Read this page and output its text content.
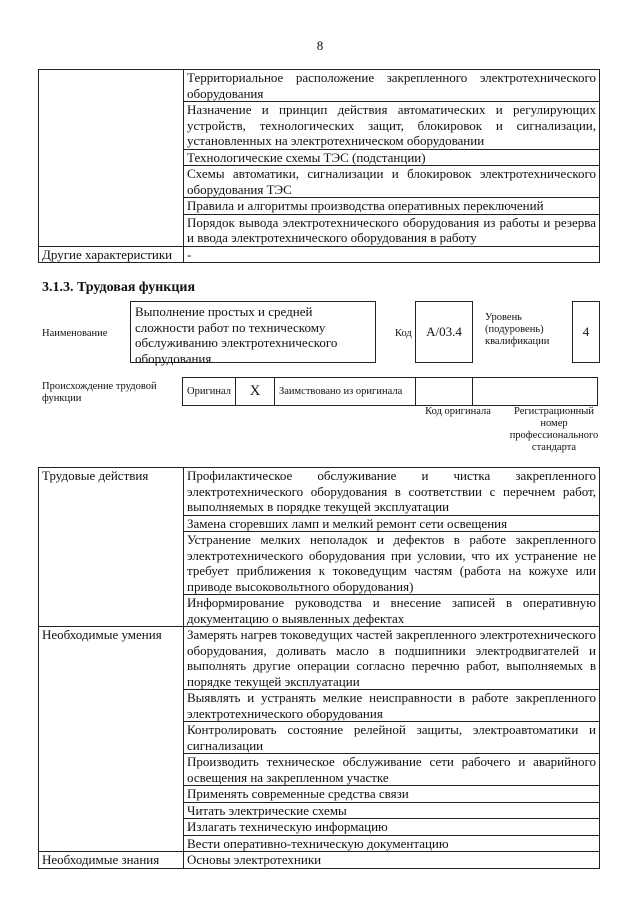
8
	Территориальное расположение закрепленного электротехнического оборудования
	Назначение и принцип действия автоматических и регулирующих устройств, технологических защит, блокировок и сигнализации, установленных на электротехническом оборудовании
	Технологические схемы ТЭС (подстанции)
	Схемы автоматики, сигнализации и блокировок электротехнического оборудования ТЭС
	Правила и алгоритмы производства оперативных переключений
	Порядок вывода электротехнического оборудования из работы и резерва и ввода электротехнического оборудования в работу
Другие характеристики	-
3.1.3. Трудовая функция
Наименование
Выполнение простых и средней сложности работ по техническому обслуживанию электротехнического оборудования
Код	А/03.4
Уровень (подуровень) квалификации
4
Происхождение трудовой функции
Оригинал	X	Заимствовано из оригинала
Код оригинала	Регистрационный номер профессионального стандарта
Трудовые действия	Профилактическое обслуживание и чистка закрепленного электротехнического оборудования в соответствии с перечнем работ, выполняемых в порядке текущей эксплуатации
	Замена сгоревших ламп и мелкий ремонт сети освещения
	Устранение мелких неполадок и дефектов в работе закрепленного электротехнического оборудования при условии, что их устранение не требует приближения к токоведущим частям (работа на кожухе или приводе высоковольтного оборудования)
	Информирование руководства и внесение записей в оперативную документацию о выявленных дефектах
Необходимые умения	Замерять нагрев токоведущих частей закрепленного электротехнического оборудования, доливать масло в подшипники электродвигателей и выполнять другие операции согласно перечню работ, выполняемых в порядке текущей эксплуатации
	Выявлять и устранять мелкие неисправности в работе закрепленного электротехнического оборудования
	Контролировать состояние релейной защиты, электроавтоматики и сигнализации
	Производить техническое обслуживание сети рабочего и аварийного освещения на закрепленном участке
	Применять современные средства связи
	Читать электрические схемы
	Излагать техническую информацию
	Вести оперативно-техническую документацию
Необходимые знания	Основы электротехники
